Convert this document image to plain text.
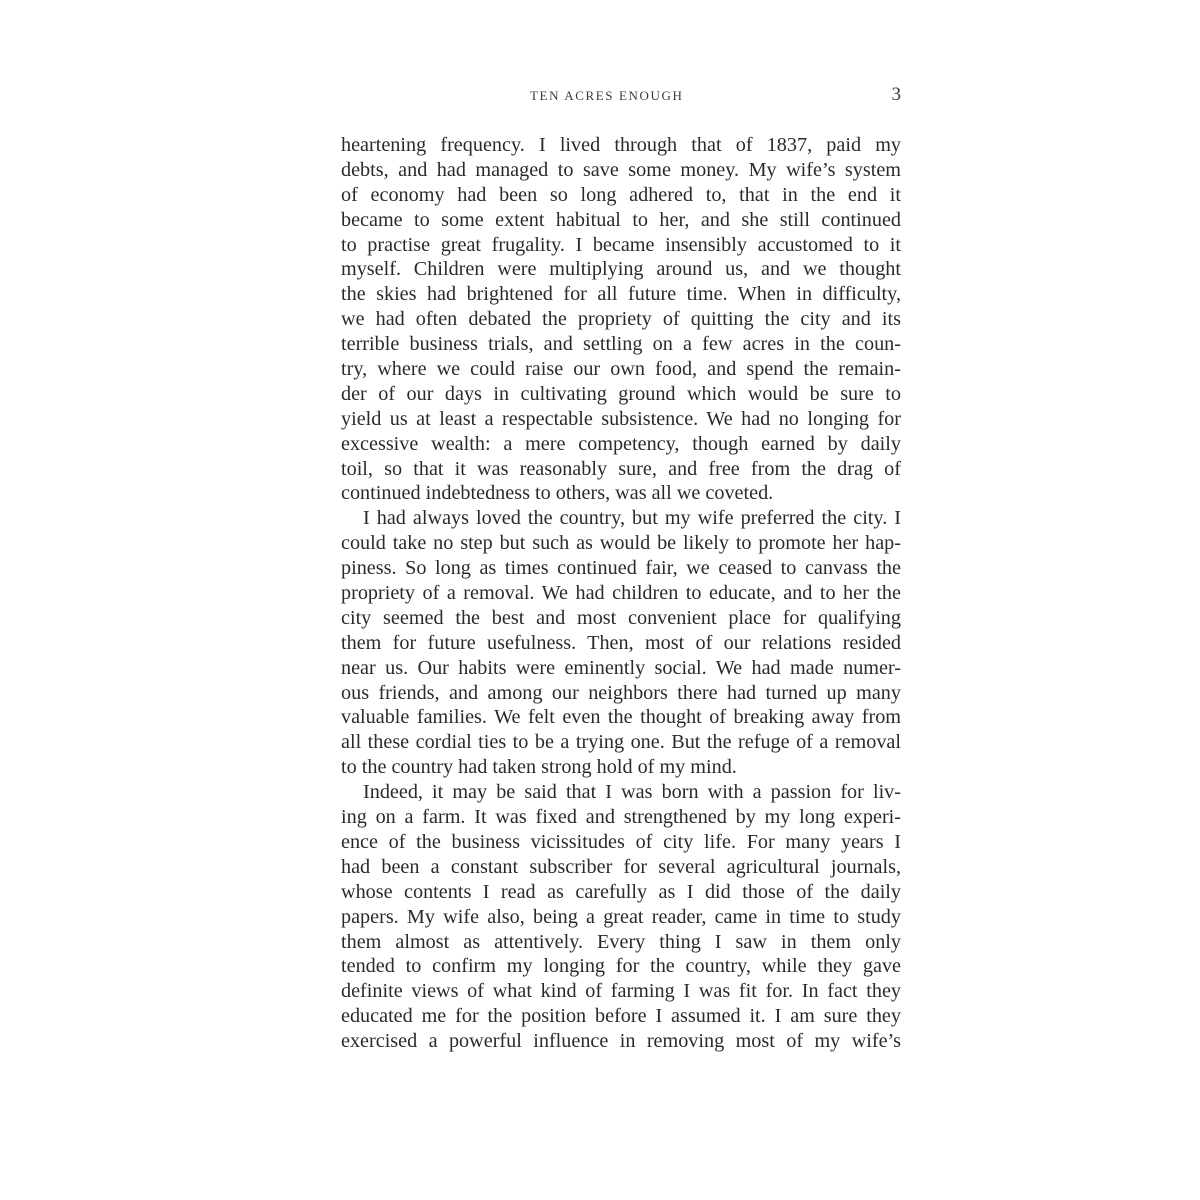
TEN ACRES ENOUGH	3
heartening frequency. I lived through that of 1837, paid my
debts, and had managed to save some money. My wife’s system
of economy had been so long adhered to, that in the end it
became to some extent habitual to her, and she still continued
to practise great frugality. I became insensibly accustomed to it
myself. Children were multiplying around us, and we thought
the skies had brightened for all future time. When in difficulty,
we had often debated the propriety of quitting the city and its
terrible business trials, and settling on a few acres in the coun-
try, where we could raise our own food, and spend the remain-
der of our days in cultivating ground which would be sure to
yield us at least a respectable subsistence. We had no longing for
excessive wealth: a mere competency, though earned by daily
toil, so that it was reasonably sure, and free from the drag of
continued indebtedness to others, was all we coveted.
I had always loved the country, but my wife preferred the city. I
could take no step but such as would be likely to promote her hap-
piness. So long as times continued fair, we ceased to canvass the
propriety of a removal. We had children to educate, and to her the
city seemed the best and most convenient place for qualifying
them for future usefulness. Then, most of our relations resided
near us. Our habits were eminently social. We had made numer-
ous friends, and among our neighbors there had turned up many
valuable families. We felt even the thought of breaking away from
all these cordial ties to be a trying one. But the refuge of a removal
to the country had taken strong hold of my mind.
Indeed, it may be said that I was born with a passion for liv-
ing on a farm. It was fixed and strengthened by my long experi-
ence of the business vicissitudes of city life. For many years I
had been a constant subscriber for several agricultural journals,
whose contents I read as carefully as I did those of the daily
papers. My wife also, being a great reader, came in time to study
them almost as attentively. Every thing I saw in them only
tended to confirm my longing for the country, while they gave
definite views of what kind of farming I was fit for. In fact they
educated me for the position before I assumed it. I am sure they
exercised a powerful influence in removing most of my wife’s
